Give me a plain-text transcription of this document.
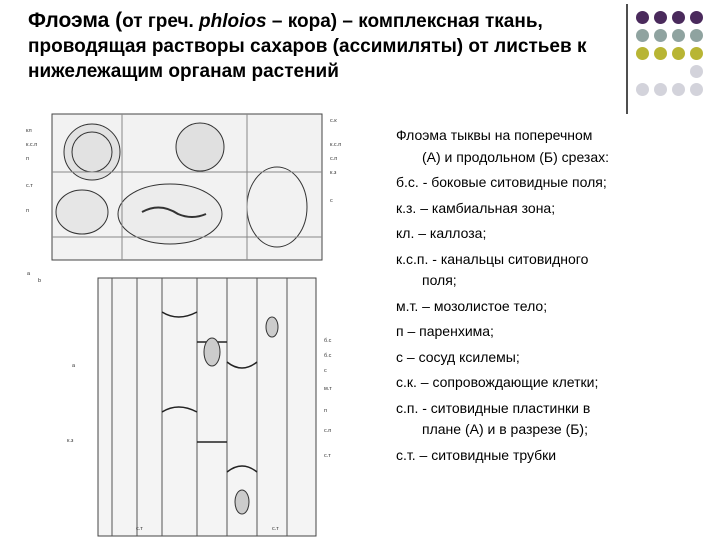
Флоэма (от греч. phloios – кора) – комплексная ткань,
проводящая растворы сахаров (ассимиляты) от листьев к
нижележащим органам растений
a
b
кл
к.с.п
п
с.т
п
с.к
к.с.п
с.п
к.з
с
б.с
б.с
с
м.т
п
а
с.п
к.з
с.т
с.т	с.т
Флоэма тыквы на поперечном
(А) и продольном (Б) срезах:
б.с. - боковые ситовидные поля;
к.з. – камбиальная зона;
кл. – каллоза;
к.с.п. - канальцы ситовидного
поля;
м.т. – мозолистое тело;
п – паренхима;
с – сосуд ксилемы;
с.к. – сопровождающие клетки;
с.п. - ситовидные пластинки в
плане (А) и в разрезе (Б);
с.т. – ситовидные трубки
